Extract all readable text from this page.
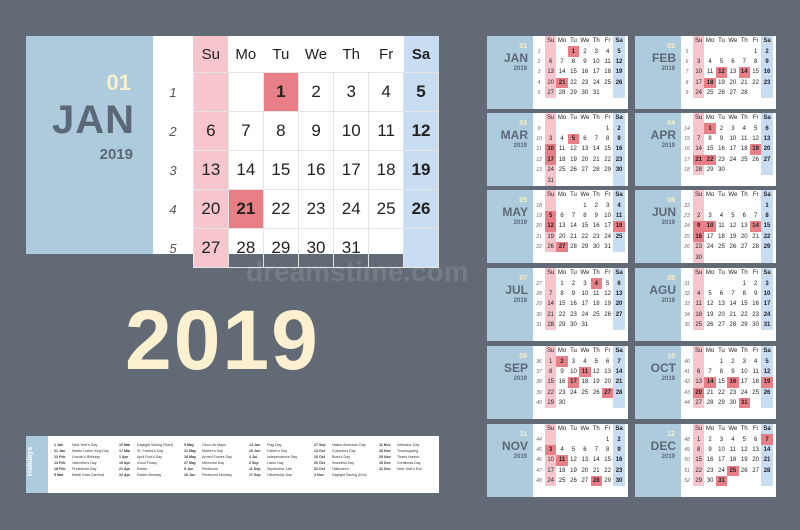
01
JAN
2019
	Su	Mo	Tu	We	Th	Fr	Sa
1			1	2	3	4	5
2	6	7	8	9	10	11	12
3	13	14	15	16	17	18	19
4	20	21	22	23	24	25	26
5	27	28	29	30	31		
dreamstime.com
2019
Holidays
1 Jan	New Year's Day
21 Jan	Martin Luther King Day
12 Feb	Lincoln's Birthday
14 Feb	Valentine's Day
18 Feb	Presidents Day
5 Mar	Mardi Gras Carnival
10 Mar	Daylight Saving (Start)
17 Mar	St. Patrick's Day
1 Apr	April Fool's Day
19 Apr	Good Friday
21 Apr	Easter
22 Apr	Easter Monday
5 May	Cinco de Mayo
12 May	Mother's Day
18 May	Armed Forces Day
27 May	Memorial Day
9 Jun	Pentecost
10 Jun	Pentecost Monday
14 Jun	Flag Day
16 Jun	Father's Day
4 Jul	Independence Day
2 Sep	Labor Day
11 Sep	September 11th
17 Sep	Citizenship Day
27 Sep	Native American Day
14 Oct	Columbus Day
16 Oct	Boss's Day
20 Oct	Sweetest Day
31 Oct	Halloween
3 Nov	Daylight Saving (End)
11 Nov	Veterans' Day
28 Nov	Thanksgiving
29 Nov	Thank Harbor
25 Dec	Christmas Day
31 Dec	New Year's Eve
01
JAN
2019
	Su	Mo	Tu	We	Th	Fr	Sa
1			1	2	3	4	5
2	6	7	8	9	10	11	12
3	13	14	15	16	17	18	19
4	20	21	22	23	24	25	26
5	27	28	29	30	31		
02
FEB
2019
	Su	Mo	Tu	We	Th	Fr	Sa
5						1	2
6	3	4	5	6	7	8	9
7	10	11	12	13	14	15	16
8	17	18	19	20	21	22	23
9	24	25	26	27	28		
03
MAR
2019
	Su	Mo	Tu	We	Th	Fr	Sa
9						1	2
10	3	4	5	6	7	8	9
11	10	11	12	13	14	15	16
12	17	18	19	20	21	22	23
13	24	25	26	27	28	29	30
	31						
04
APR
2019
	Su	Mo	Tu	We	Th	Fr	Sa
14		1	2	3	4	5	6
15	7	8	9	10	11	12	13
16	14	15	16	17	18	19	20
17	21	22	23	24	25	26	27
18	28	29	30				
05
MAY
2019
	Su	Mo	Tu	We	Th	Fr	Sa
18				1	2	3	4
19	5	6	7	8	9	10	11
20	12	13	14	15	16	17	18
21	19	20	21	22	23	24	25
22	26	27	28	29	30	31	
06
JUN
2019
	Su	Mo	Tu	We	Th	Fr	Sa
22							1
23	2	3	4	5	6	7	8
24	9	10	11	12	13	14	15
25	16	17	18	19	20	21	22
26	23	24	25	26	27	28	29
	30						
07
JUL
2019
	Su	Mo	Tu	We	Th	Fr	Sa
27		1	2	3	4	5	6
28	7	8	9	10	11	12	13
29	14	15	16	17	18	19	20
30	21	22	23	24	25	26	27
31	28	29	30	31			
08
AGU
2019
	Su	Mo	Tu	We	Th	Fr	Sa
31					1	2	3
32	4	5	6	7	8	9	10
33	11	12	13	14	15	16	17
34	18	19	20	21	22	23	24
35	25	26	27	28	29	30	31
09
SEP
2019
	Su	Mo	Tu	We	Th	Fr	Sa
36	1	2	3	4	5	6	7
37	8	9	10	11	12	13	14
38	15	16	17	18	19	20	21
39	22	23	24	25	26	27	28
40	29	30					
10
OCT
2019
	Su	Mo	Tu	We	Th	Fr	Sa
40			1	2	3	4	5
41	6	7	8	9	10	11	12
42	13	14	15	16	17	18	19
43	20	21	22	23	24	25	26
44	27	28	29	30	31		
11
NOV
2019
	Su	Mo	Tu	We	Th	Fr	Sa
44						1	2
45	3	4	5	6	7	8	9
46	10	11	12	13	14	15	16
47	17	18	19	20	21	22	23
48	24	25	26	27	28	29	30
12
DEC
2019
	Su	Mo	Tu	We	Th	Fr	Sa
48	1	2	3	4	5	6	7
49	8	9	10	11	12	13	14
50	15	16	17	18	19	20	21
51	22	23	24	25	26	27	28
52	29	30	31				
